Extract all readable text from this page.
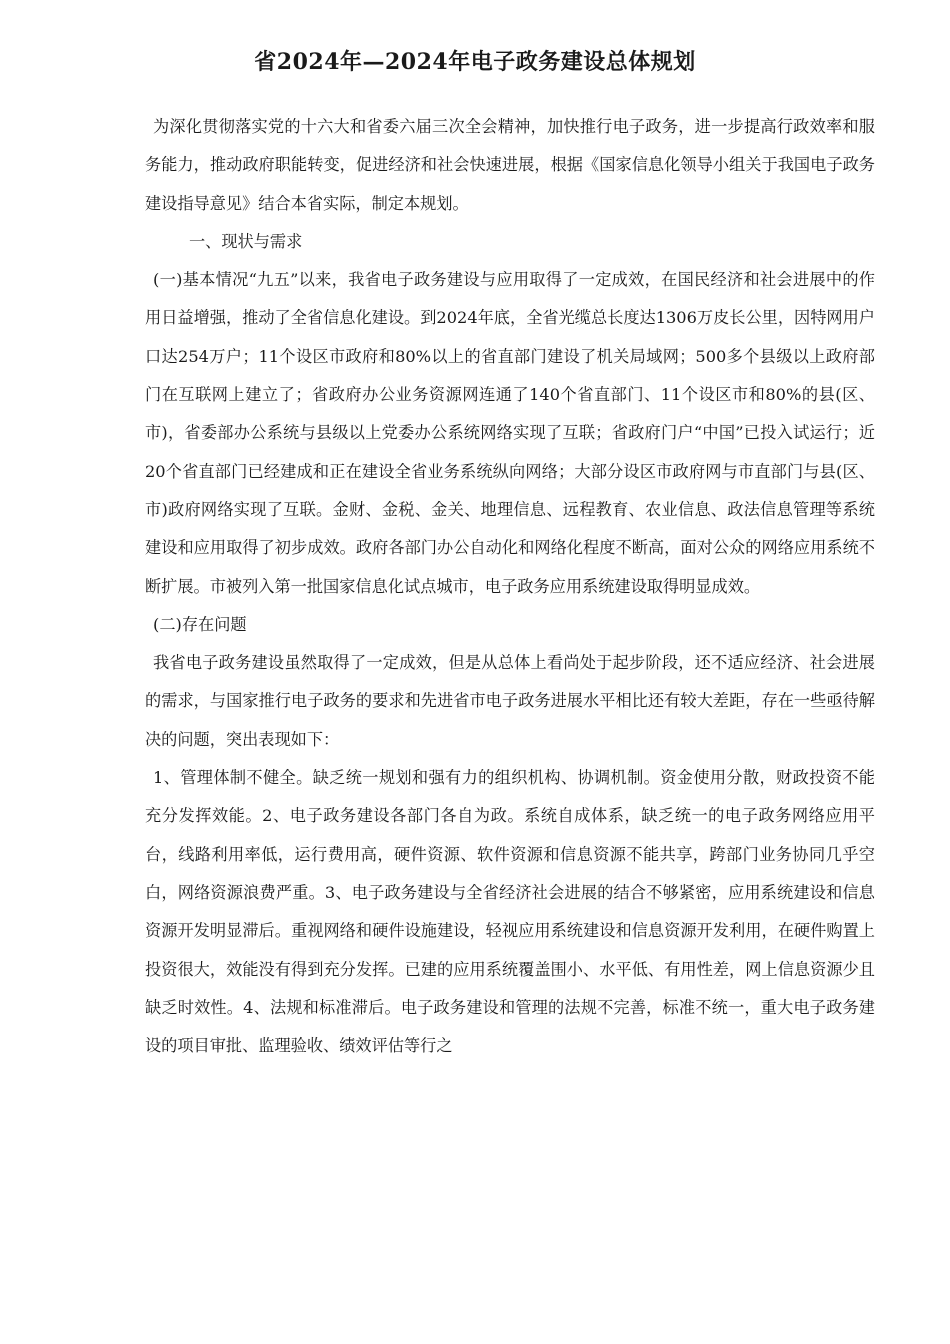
省2024年—2024年电子政务建设总体规划

为深化贯彻落实党的十六大和省委六届三次全会精神，加快推行电子政务，进一步提高行政效率和服务能力，推动政府职能转变，促进经济和社会快速进展，根据《国家信息化领导小组关于我国电子政务建设指导意见》结合本省实际，制定本规划。

一、现状与需求

(一)基本情况“九五”以来，我省电子政务建设与应用取得了一定成效，在国民经济和社会进展中的作用日益增强，推动了全省信息化建设。到2024年底，全省光缆总长度达1306万皮长公里，因特网用户口达254万户；11个设区市政府和80%以上的省直部门建设了机关局域网；500多个县级以上政府部门在互联网上建立了；省政府办公业务资源网连通了140个省直部门、11个设区市和80%的县(区、市)，省委部办公系统与县级以上党委办公系统网络实现了互联；省政府门户“中国”已投入试运行；近20个省直部门已经建成和正在建设全省业务系统纵向网络；大部分设区市政府网与市直部门与县(区、市)政府网络实现了互联。金财、金税、金关、地理信息、远程教育、农业信息、政法信息管理等系统建设和应用取得了初步成效。政府各部门办公自动化和网络化程度不断高，面对公众的网络应用系统不断扩展。市被列入第一批国家信息化试点城市，电子政务应用系统建设取得明显成效。

(二)存在问题

我省电子政务建设虽然取得了一定成效，但是从总体上看尚处于起步阶段，还不适应经济、社会进展的需求，与国家推行电子政务的要求和先进省市电子政务进展水平相比还有较大差距，存在一些亟待解决的问题，突出表现如下：

1、管理体制不健全。缺乏统一规划和强有力的组织机构、协调机制。资金使用分散，财政投资不能充分发挥效能。2、电子政务建设各部门各自为政。系统自成体系，缺乏统一的电子政务网络应用平台，线路利用率低，运行费用高，硬件资源、软件资源和信息资源不能共享，跨部门业务协同几乎空白，网络资源浪费严重。3、电子政务建设与全省经济社会进展的结合不够紧密，应用系统建设和信息资源开发明显滞后。重视网络和硬件设施建设，轻视应用系统建设和信息资源开发利用，在硬件购置上投资很大，效能没有得到充分发挥。已建的应用系统覆盖围小、水平低、有用性差，网上信息资源少且缺乏时效性。4、法规和标准滞后。电子政务建设和管理的法规不完善，标准不统一，重大电子政务建设的项目审批、监理验收、绩效评估等行之
